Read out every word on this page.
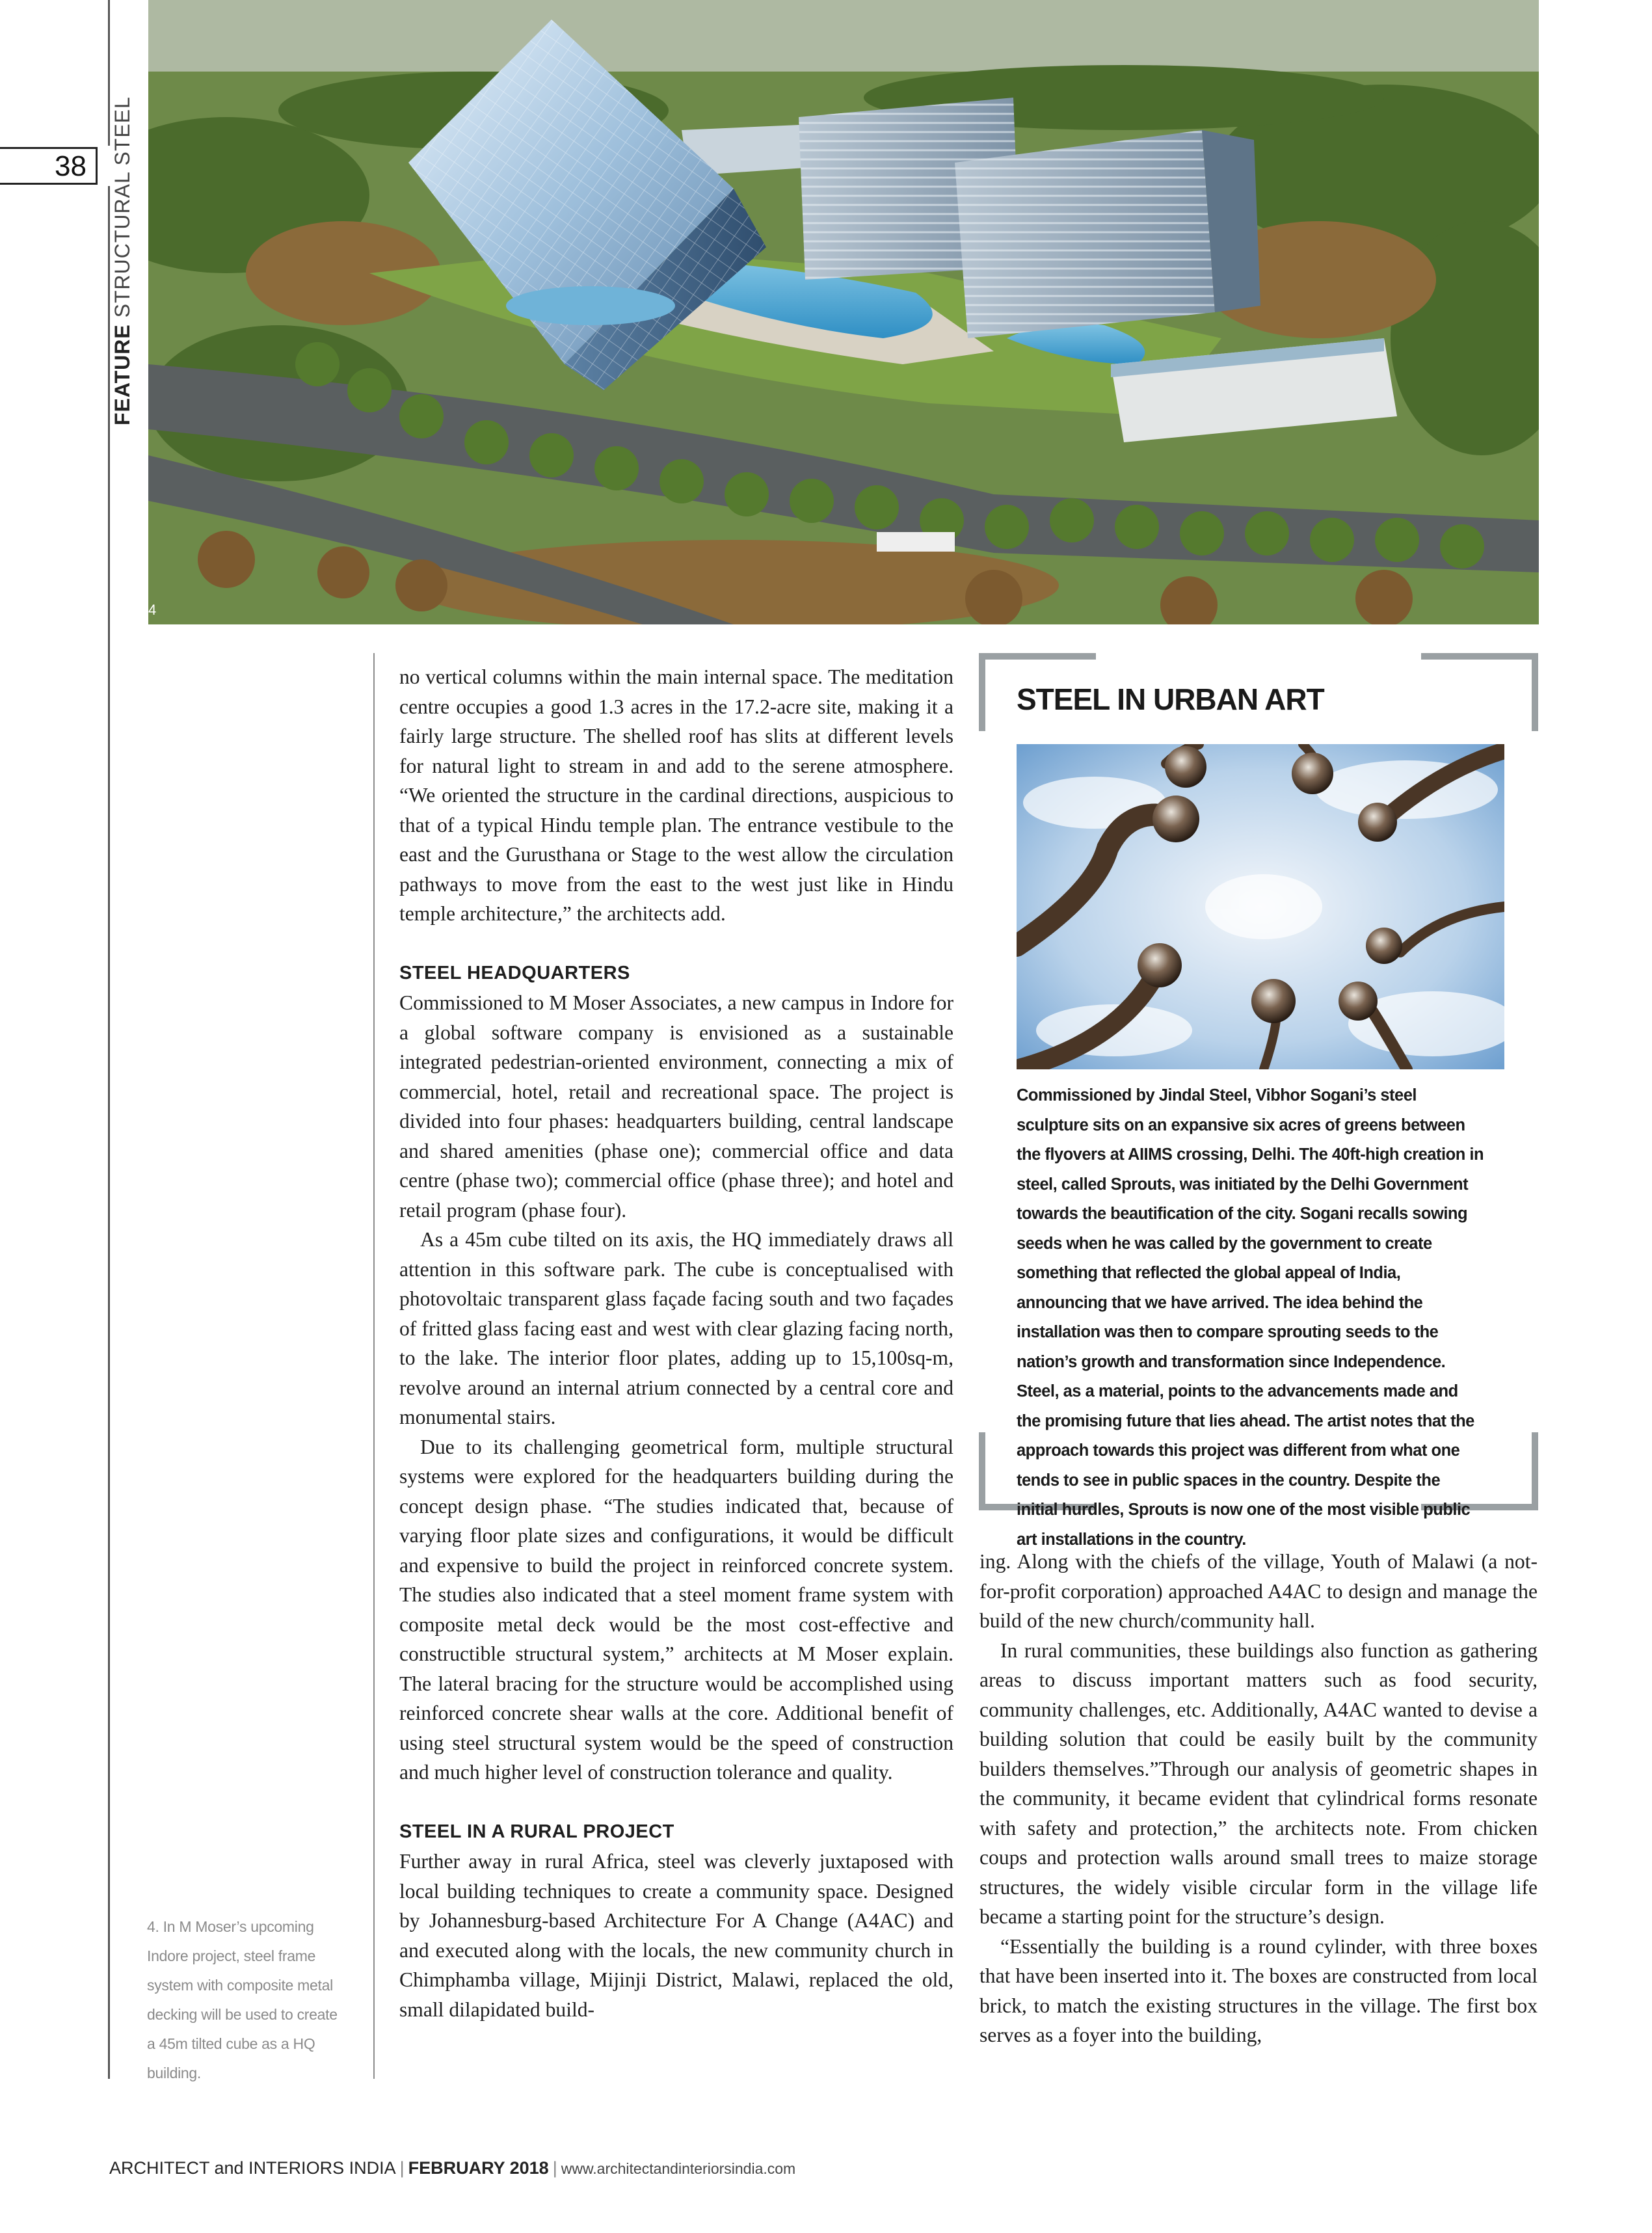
38
FEATURE STRUCTURAL STEEL
4

no vertical columns within the main internal space. The meditation centre occupies a good 1.3 acres in the 17.2-acre site, making it a fairly large structure. The shelled roof has slits at different levels for natural light to stream in and add to the serene atmosphere. “We oriented the structure in the cardinal directions, auspicious to that of a typical Hindu temple plan. The entrance vestibule to the east and the Gurusthana or Stage to the west allow the circulation pathways to move from the east to the west just like in Hindu temple architecture,” the architects add.

STEEL HEADQUARTERS

Commissioned to M Moser Associates, a new campus in Indore for a global software company is envisioned as a sustainable integrated pedestrian-oriented environment, connecting a mix of commercial, hotel, retail and recreational space. The project is divided into four phases: headquarters building, central landscape and shared amenities (phase one); commercial office and data centre (phase two); commercial office (phase three); and hotel and retail program (phase four).

As a 45m cube tilted on its axis, the HQ immediately draws all attention in this software park. The cube is conceptualised with photovoltaic transparent glass façade facing south and two façades of fritted glass facing east and west with clear glazing facing north, to the lake. The interior floor plates, adding up to 15,100sq-m, revolve around an internal atrium connected by a central core and monumental stairs.

Due to its challenging geometrical form, multiple structural systems were explored for the headquarters building during the concept design phase. “The studies indicated that, because of varying floor plate sizes and configurations, it would be difficult and expensive to build the project in reinforced concrete system. The studies also indicated that a steel moment frame system with composite metal deck would be the most cost-effective and constructible structural system,” architects at M Moser explain. The lateral bracing for the structure would be accomplished using reinforced concrete shear walls at the core. Additional benefit of using steel structural system would be the speed of construction and much higher level of construction tolerance and quality.

STEEL IN A RURAL PROJECT

Further away in rural Africa, steel was cleverly juxtaposed with local building techniques to create a community space. Designed by Johannesburg-based Architecture For A Change (A4AC) and and executed along with the locals, the new community church in Chimphamba village, Mijinji District, Malawi, replaced the old, small dilapidated build-

4. In M Moser’s upcoming Indore project, steel frame system with composite metal decking will be used to create a 45m tilted cube as a HQ building.
STEEL IN URBAN ART
Commissioned by Jindal Steel, Vibhor Sogani’s steel sculpture sits on an expansive six acres of greens between the flyovers at AIIMS crossing, Delhi. The 40ft-high creation in steel, called Sprouts, was initiated by the Delhi Government towards the beautification of the city. Sogani recalls sowing seeds when he was called by the government to create something that reflected the global appeal of India, announcing that we have arrived. The idea behind the installation was then to compare sprouting seeds to the nation’s growth and transformation since Independence. Steel, as a material, points to the advancements made and the promising future that lies ahead. The artist notes that the approach towards this project was different from what one tends to see in public spaces in the country. Despite the initial hurdles, Sprouts is now one of the most visible public art installations in the country.

ing. Along with the chiefs of the village, Youth of Malawi (a not-for-profit corporation) approached A4AC to design and manage the build of the new church/community hall.

In rural communities, these buildings also function as gathering areas to discuss important matters such as food security, community challenges, etc. Additionally, A4AC wanted to devise a building solution that could be easily built by the community builders themselves.”Through our analysis of geometric shapes in the community, it became evident that cylindrical forms resonate with safety and protection,” the architects note. From chicken coups and protection walls around small trees to maize storage structures, the widely visible circular form in the village life became a starting point for the structure’s design.

“Essentially the building is a round cylinder, with three boxes that have been inserted into it. The boxes are constructed from local brick, to match the existing structures in the village. The first box serves as a foyer into the building,

ARCHITECT and INTERIORS INDIA | FEBRUARY 2018 | www.architectandinteriorsindia.com
